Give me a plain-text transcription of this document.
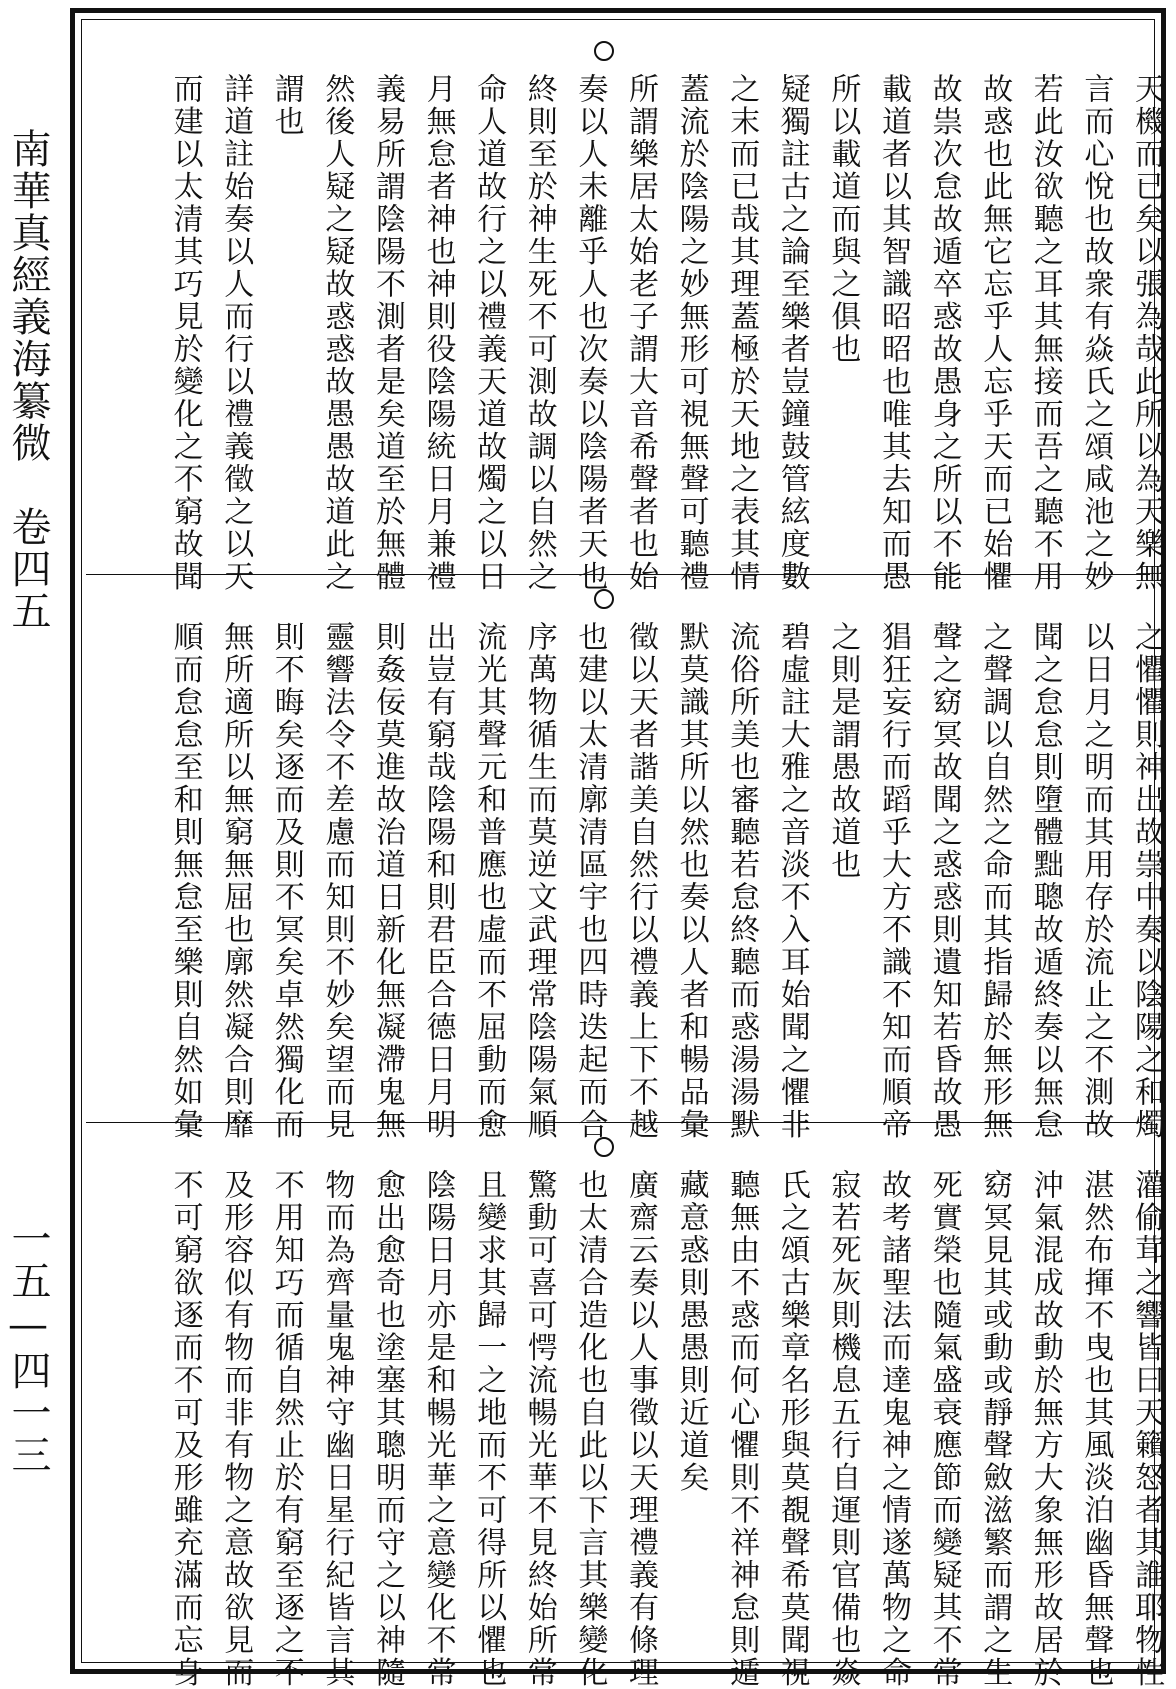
南華真經義海纂微　卷四五
一五—四一三
天機而已矣以張為哉此所以為天樂無
言而心悅也故衆有焱氏之頌咸池之妙
若此汝欲聽之耳其無接而吾之聽不用
故惑也此無它忘乎人忘乎天而已始懼
故祟次怠故遁卒惑故愚身之所以不能
載道者以其智識昭昭也唯其去知而愚
所以載道而與之俱也
疑獨註古之論至樂者豈鐘鼓管絃度數
之末而已哉其理蓋極於天地之表其情
蓋流於陰陽之妙無形可視無聲可聽禮
所謂樂居太始老子謂大音希聲者也始
奏以人未離乎人也次奏以陰陽者天也
終則至於神生死不可測故調以自然之
命人道故行之以禮義天道故燭之以日
月無怠者神也神則役陰陽統日月兼禮
義易所謂陰陽不測者是矣道至於無體
然後人疑之疑故惑惑故愚愚故道此之
謂也
詳道註始奏以人而行以禮義徵之以天
而建以太清其巧見於變化之不窮故聞
之懼懼則神出故祟中奏以陰陽之和燭
以日月之明而其用存於流止之不測故
聞之怠怠則墮體黜聰故遁終奏以無怠
之聲調以自然之命而其指歸於無形無
聲之窈冥故聞之惑惑則遺知若昏故愚
猖狂妄行而蹈乎大方不識不知而順帝
之則是謂愚故道也
碧虛註大雅之音淡不入耳始聞之懼非
流俗所美也審聽若怠終聽而惑湯湯默
默莫識其所以然也奏以人者和暢品彙
徵以天者諧美自然行以禮義上下不越
也建以太清廓清區宇也四時迭起而合
序萬物循生而莫逆文武理常陰陽氣順
流光其聲元和普應也虛而不屈動而愈
出豈有窮哉陰陽和則君臣合德日月明
則姦佞莫進故治道日新化無凝滯鬼無
靈響法令不差慮而知則不妙矣望而見
則不晦矣逐而及則不冥矣卓然獨化而
無所適所以無窮無屈也廓然凝合則靡
順而怠怠至和則無怠至樂則自然如彙
灌偷茸之響皆曰天籟怒者其誰耶物性
湛然布揮不曳也其風淡泊幽昏無聲也
沖氣混成故動於無方大象無形故居於
窈冥見其或動或靜聲斂滋繁而謂之生
死實榮也隨氣盛衰應節而變疑其不常
故考諸聖法而達鬼神之情遂萬物之命
寂若死灰則機息五行自運則官備也焱
氏之頌古樂章名形與莫覩聲希莫聞視
聽無由不惑而何心懼則不祥神怠則遁
藏意惑則愚愚則近道矣
廣齋云奏以人事徵以天理禮義有條理
也太清合造化也自此以下言其樂變化
驚動可喜可愕流暢光華不見終始所常
且變求其歸一之地而不可得所以懼也
陰陽日月亦是和暢光華之意變化不常
愈出愈奇也塗塞其聰明而守之以神隨
物而為齊量鬼神守幽日星行紀皆言其
不用知巧而循自然止於有窮至逐之不
及形容似有物而非有物之意故欲見而
不可窮欲逐而不可及形雖充滿而忘身
